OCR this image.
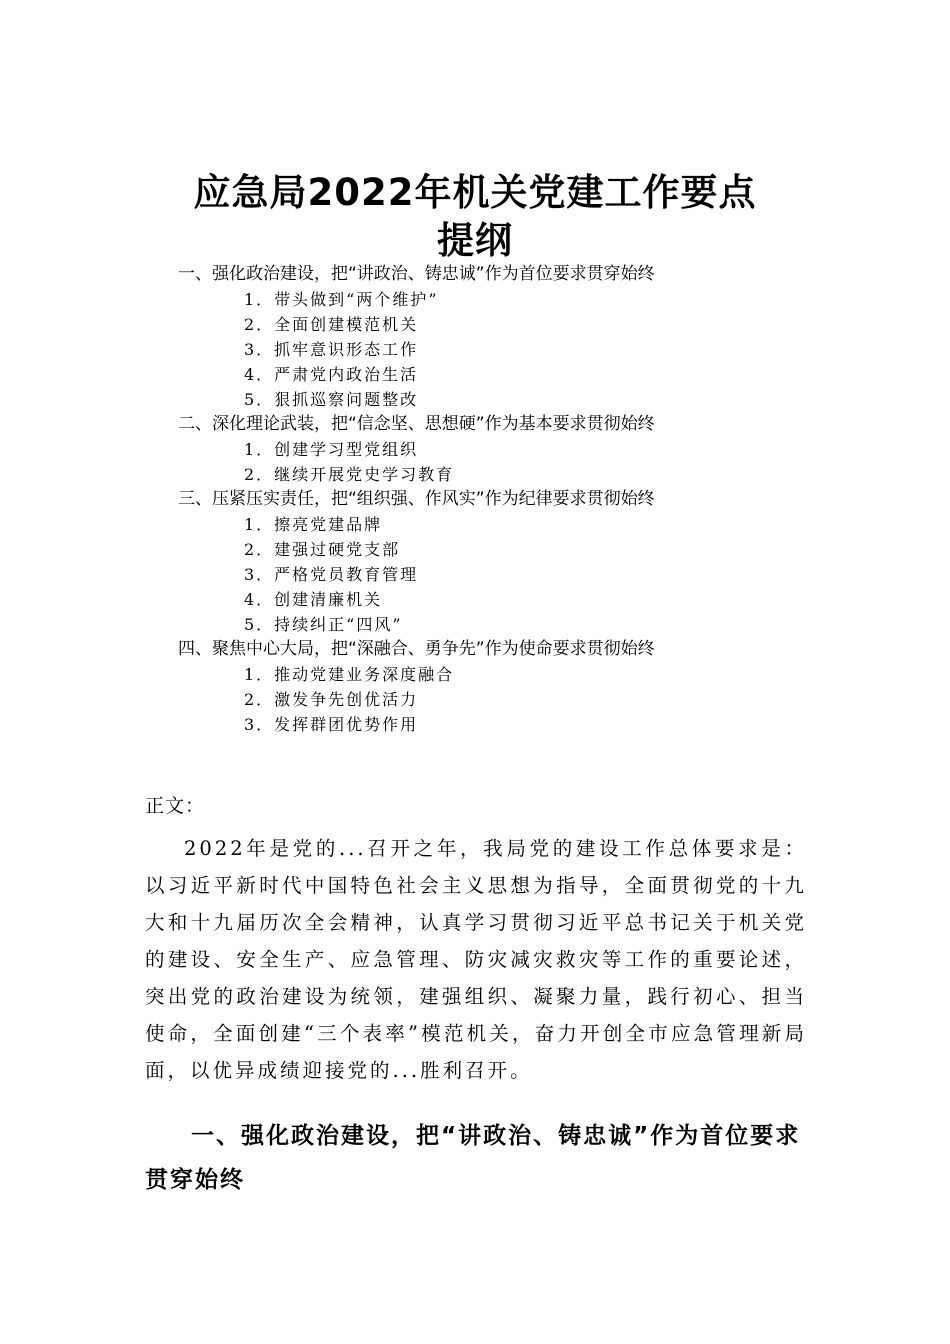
应急局2022年机关党建工作要点
提纲
一、强化政治建设，把“讲政治、铸忠诚”作为首位要求贯穿始终
1．带头做到“两个维护”
2．全面创建模范机关
3．抓牢意识形态工作
4．严肃党内政治生活
5．狠抓巡察问题整改
二、深化理论武装，把“信念坚、思想硬”作为基本要求贯彻始终
1．创建学习型党组织
2．继续开展党史学习教育
三、压紧压实责任，把“组织强、作风实”作为纪律要求贯彻始终
1．擦亮党建品牌
2．建强过硬党支部
3．严格党员教育管理
4．创建清廉机关
5．持续纠正“四风”
四、聚焦中心大局，把“深融合、勇争先”作为使命要求贯彻始终
1．推动党建业务深度融合
2．激发争先创优活力
3．发挥群团优势作用
正文：
2022年是党的...召开之年，我局党的建设工作总体要求是：以习近平新时代中国特色社会主义思想为指导，全面贯彻党的十九大和十九届历次全会精神，认真学习贯彻习近平总书记关于机关党的建设、安全生产、应急管理、防灾减灾救灾等工作的重要论述，突出党的政治建设为统领，建强组织、凝聚力量，践行初心、担当使命，全面创建“三个表率”模范机关，奋力开创全市应急管理新局面，以优异成绩迎接党的...胜利召开。
一、强化政治建设，把“讲政治、铸忠诚”作为首位要求贯穿始终
